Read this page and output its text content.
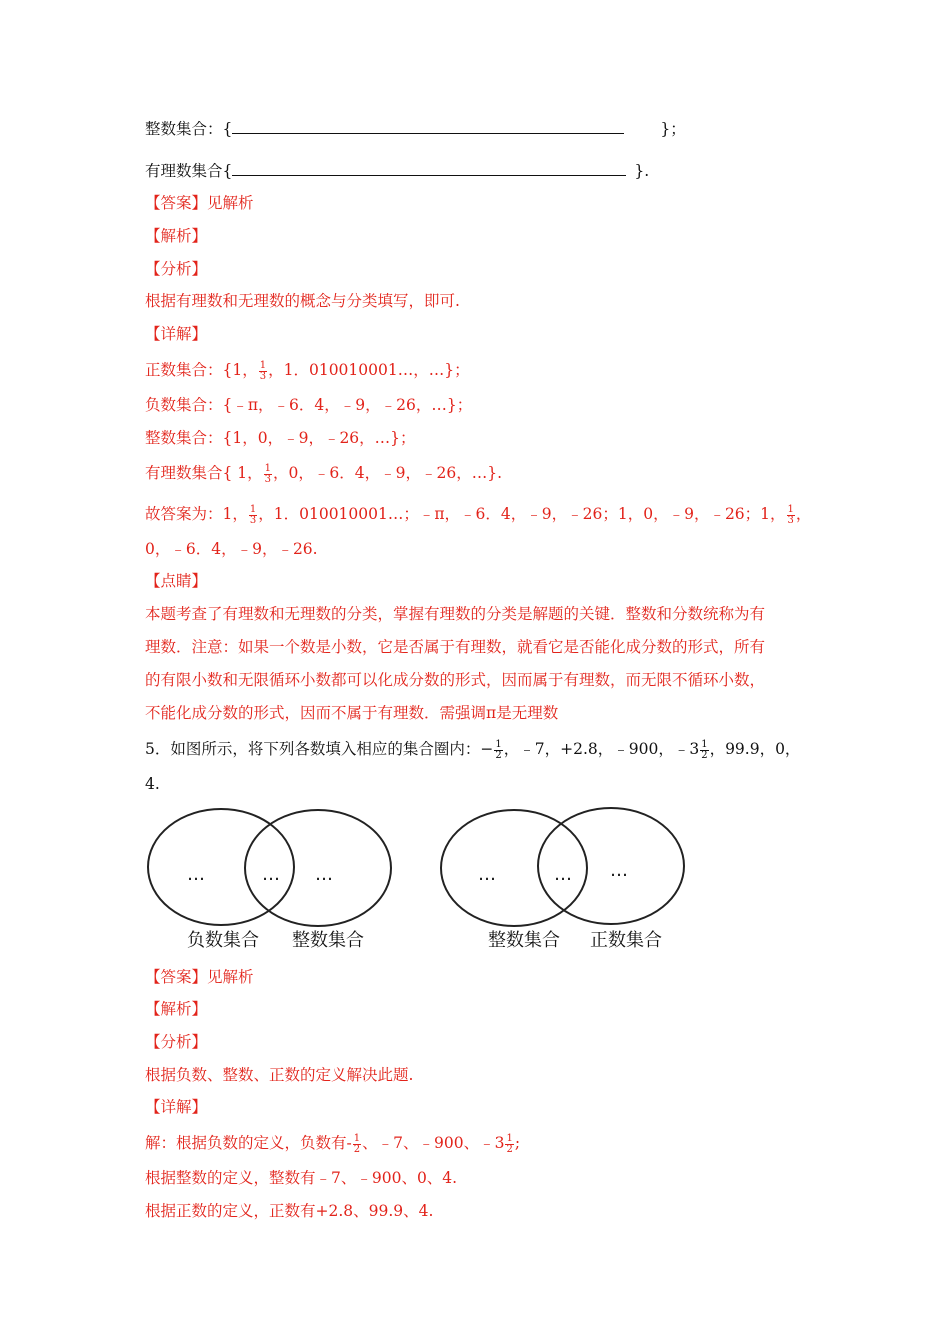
整数集合：{	}；
有理数集合{	}.
【答案】见解析
【解析】
【分析】
根据有理数和无理数的概念与分类填写，即可.
【详解】
正数集合：{1， $\frac{1}{3}$ ，1．010010001…，…}；
负数集合：{﹣π，﹣6．4，﹣9，﹣26，…}；
整数集合：{1，0，﹣9，﹣26，…}；
有理数集合{ 1， $\frac{1}{3}$ ，0，﹣6．4，﹣9，﹣26，…}.
故答案为：1， $\frac{1}{3}$ ，1．010010001…；﹣π，﹣6．4，﹣9，﹣26；1，0，﹣9，﹣26；1， $\frac{1}{3}$ ，
0，﹣6．4，﹣9，﹣26.
【点睛】
本题考查了有理数和无理数的分类，掌握有理数的分类是解题的关键．整数和分数统称为有
理数．注意：如果一个数是小数，它是否属于有理数，就看它是否能化成分数的形式，所有
的有限小数和无限循环小数都可以化成分数的形式，因而属于有理数，而无限不循环小数，
不能化成分数的形式，因而不属于有理数．需强调π是无理数
5．如图所示，将下列各数填入相应的集合圈内：− $\frac{1}{2}$ ，﹣7，+2.8，﹣900，﹣3 $\frac{1}{2}$ ，99.9，0，
4.
…	… …	…	… …
负数集合 整数集合	整数集合 正数集合
【答案】见解析
【解析】
【分析】
根据负数、整数、正数的定义解决此题.
【详解】
解：根据负数的定义，负数有- $\frac{1}{2}$ 、﹣7、﹣900、﹣3 $\frac{1}{2}$ ;
根据整数的定义，整数有﹣7、﹣900、0、4.
根据正数的定义，正数有+2.8、99.9、4.
